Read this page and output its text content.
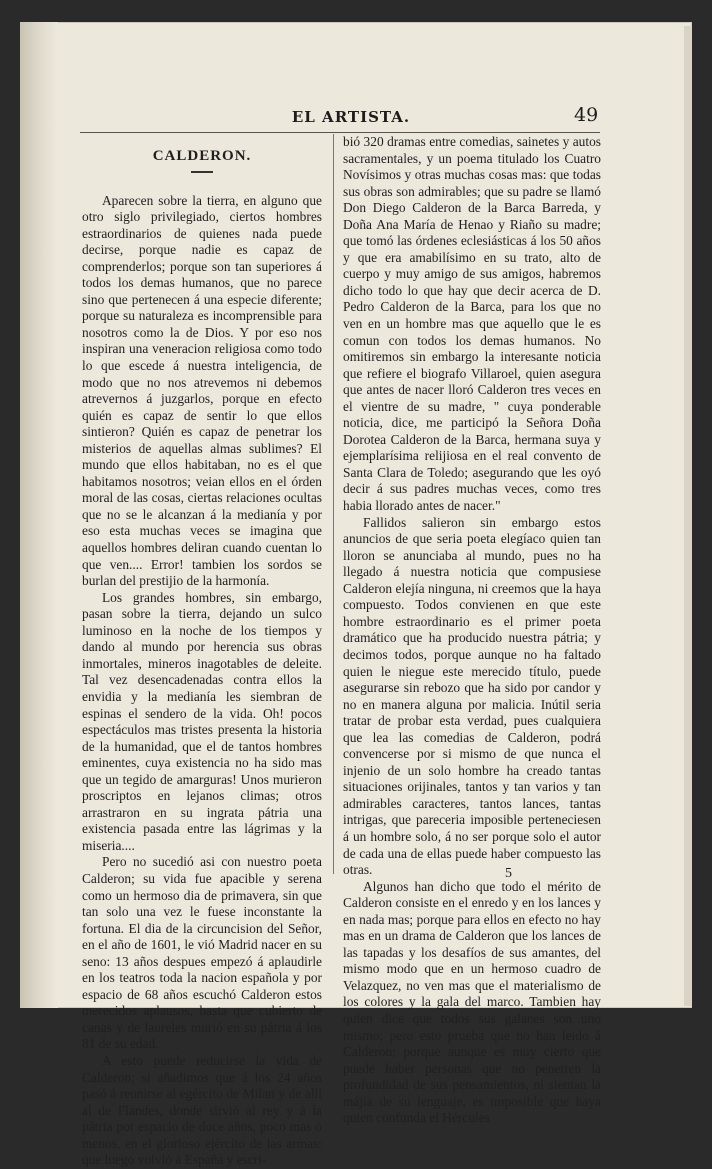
EL ARTISTA.	49
CALDERON.

Aparecen sobre la tierra, en alguno que otro siglo privilegiado, ciertos hombres estraordinarios de quienes nada puede decirse, porque nadie es capaz de comprenderlos; porque son tan superiores á todos los demas humanos, que no parece sino que pertenecen á una especie diferente; porque su naturaleza es incomprensible para nosotros como la de Dios. Y por eso nos inspiran una veneracion religiosa como todo lo que escede á nuestra inteligencia, de modo que no nos atrevemos ni debemos atrevernos á juzgarlos, porque en efecto quién es capaz de sentir lo que ellos sintieron? Quién es capaz de penetrar los misterios de aquellas almas sublimes? El mundo que ellos habitaban, no es el que habitamos nosotros; veian ellos en el órden moral de las cosas, ciertas relaciones ocultas que no se le alcanzan á la medianía y por eso esta muchas veces se imagina que aquellos hombres deliran cuando cuentan lo que ven.... Error! tambien los sordos se burlan del prestijio de la harmonía.

Los grandes hombres, sin embargo, pasan sobre la tierra, dejando un sulco luminoso en la noche de los tiempos y dando al mundo por herencia sus obras inmortales, mineros inagotables de deleite. Tal vez desencadenadas contra ellos la envidia y la medianía les siembran de espinas el sendero de la vida. Oh! pocos espectáculos mas tristes presenta la historia de la humanidad, que el de tantos hombres eminentes, cuya existencia no ha sido mas que un tegido de amarguras! Unos murieron proscriptos en lejanos climas; otros arrastraron en su ingrata pátria una existencia pasada entre las lágrimas y la miseria....

Pero no sucedió asi con nuestro poeta Calderon; su vida fue apacible y serena como un hermoso dia de primavera, sin que tan solo una vez le fuese inconstante la fortuna. El dia de la circuncision del Señor, en el año de 1601, le vió Madrid nacer en su seno: 13 años despues empezó á aplaudirle en los teatros toda la nacion española y por espacio de 68 años escuchó Calderon estos merecidos aplausos, hasta que cubierto de canas y de laureles murió en su pátria á los 81 de su edad.

A esto puede reducirse la vida de Calderon; si añadimos que á los 24 años pasó á reunirse al egército de Milan y de allí al de Flandes, donde sirvió al rey y á la pátria por espacio de doce años, poco mas ó menos, en el glorioso ejército de las armas: que luego volvió á España y escri-

bió 320 dramas entre comedias, sainetes y autos sacramentales, y un poema titulado los Cuatro Novísimos y otras muchas cosas mas: que todas sus obras son admirables; que su padre se llamó Don Diego Calderon de la Barca Barreda, y Doña Ana María de Henao y Riaño su madre; que tomó las órdenes eclesiásticas á los 50 años y que era amabilísimo en su trato, alto de cuerpo y muy amigo de sus amigos, habremos dicho todo lo que hay que decir acerca de D. Pedro Calderon de la Barca, para los que no ven en un hombre mas que aquello que le es comun con todos los demas humanos. No omitiremos sin embargo la interesante noticia que refiere el biografo Villaroel, quien asegura que antes de nacer lloró Calderon tres veces en el vientre de su madre, " cuya ponderable noticia, dice, me participó la Señora Doña Dorotea Calderon de la Barca, hermana suya y ejemplarísima relijiosa en el real convento de Santa Clara de Toledo; asegurando que les oyó decir á sus padres muchas veces, como tres habia llorado antes de nacer."

Fallidos salieron sin embargo estos anuncios de que seria poeta elegíaco quien tan lloron se anunciaba al mundo, pues no ha llegado á nuestra noticia que compusiese Calderon elejía ninguna, ni creemos que la haya compuesto. Todos convienen en que este hombre estraordinario es el primer poeta dramático que ha producido nuestra pátria; y decimos todos, porque aunque no ha faltado quien le niegue este merecido título, puede asegurarse sin rebozo que ha sido por candor y no en manera alguna por malicia. Inútil seria tratar de probar esta verdad, pues cualquiera que lea las comedias de Calderon, podrá convencerse por si mismo de que nunca el injenio de un solo hombre ha creado tantas situaciones orijinales, tantos y tan varios y tan admirables caracteres, tantos lances, tantas intrigas, que pareceria imposible perteneciesen á un hombre solo, á no ser porque solo el autor de cada una de ellas puede haber compuesto las otras.

Algunos han dicho que todo el mérito de Calderon consiste en el enredo y en los lances y en nada mas; porque para ellos en efecto no hay mas en un drama de Calderon que los lances de las tapadas y los desafíos de sus amantes, del mismo modo que en un hermoso cuadro de Velazquez, no ven mas que el materialismo de los colores y la gala del marco. Tambien hay quien dice que todos sus galanes son uno mismo; pero esto prueba que no han leido á Calderon; porque aunque es muy cierto que puede haber personas que no penetren la profundidad de sus pensamientos, ni sientan la májia de su lenguaje, es imposible que haya quien confunda el Hércules

5
